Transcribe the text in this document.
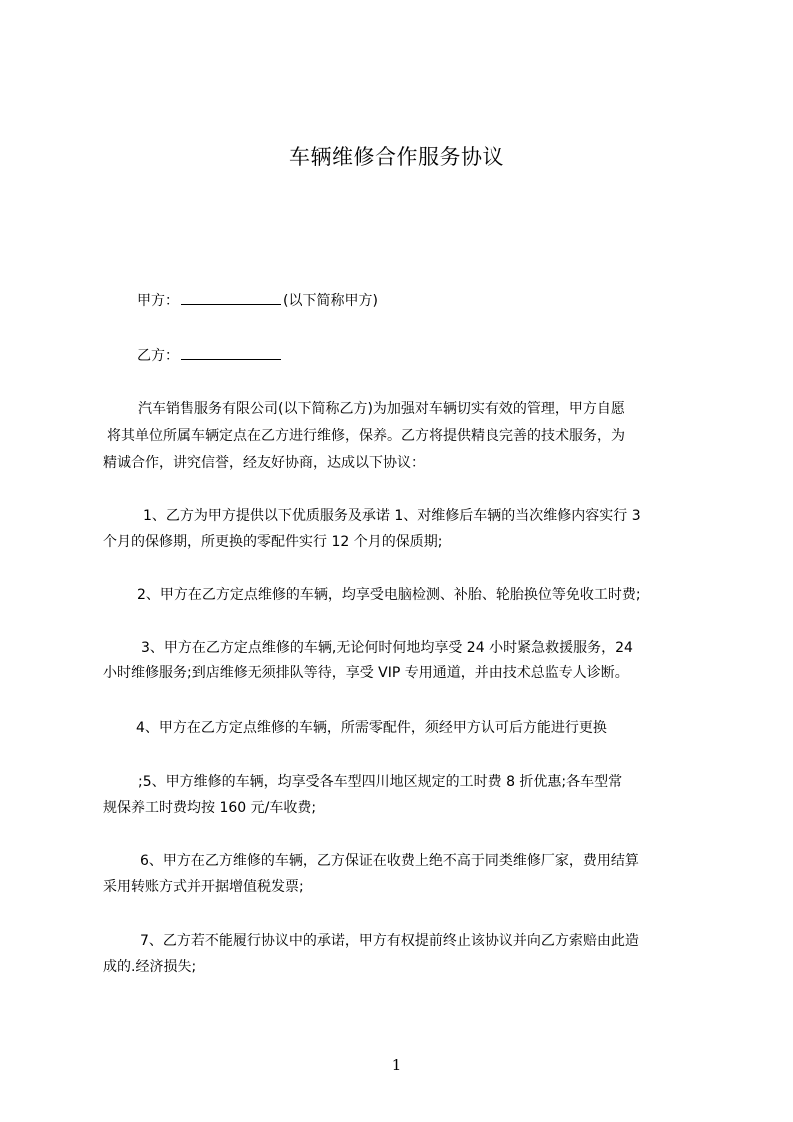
车辆维修合作服务协议
甲方：	(以下简称甲方)
乙方：
汽车销售服务有限公司(以下简称乙方)为加强对车辆切实有效的管理，甲方自愿
将其单位所属车辆定点在乙方进行维修，保养。乙方将提供精良完善的技术服务，为
精诚合作，讲究信誉，经友好协商，达成以下协议：
1、乙方为甲方提供以下优质服务及承诺 1、对维修后车辆的当次维修内容实行 3
个月的保修期，所更换的零配件实行 12 个月的保质期;
2、甲方在乙方定点维修的车辆，均享受电脑检测、补胎、轮胎换位等免收工时费;
3、甲方在乙方定点维修的车辆,无论何时何地均享受 24 小时紧急救援服务，24
小时维修服务;到店维修无须排队等待，享受 VIP 专用通道，并由技术总监专人诊断。
4、甲方在乙方定点维修的车辆，所需零配件，须经甲方认可后方能进行更换
;5、甲方维修的车辆，均享受各车型四川地区规定的工时费 8 折优惠;各车型常
规保养工时费均按 160 元/车收费;
6、甲方在乙方维修的车辆，乙方保证在收费上绝不高于同类维修厂家，费用结算
采用转账方式并开据增值税发票;
7、乙方若不能履行协议中的承诺，甲方有权提前终止该协议并向乙方索赔由此造
成的.经济损失;
1
